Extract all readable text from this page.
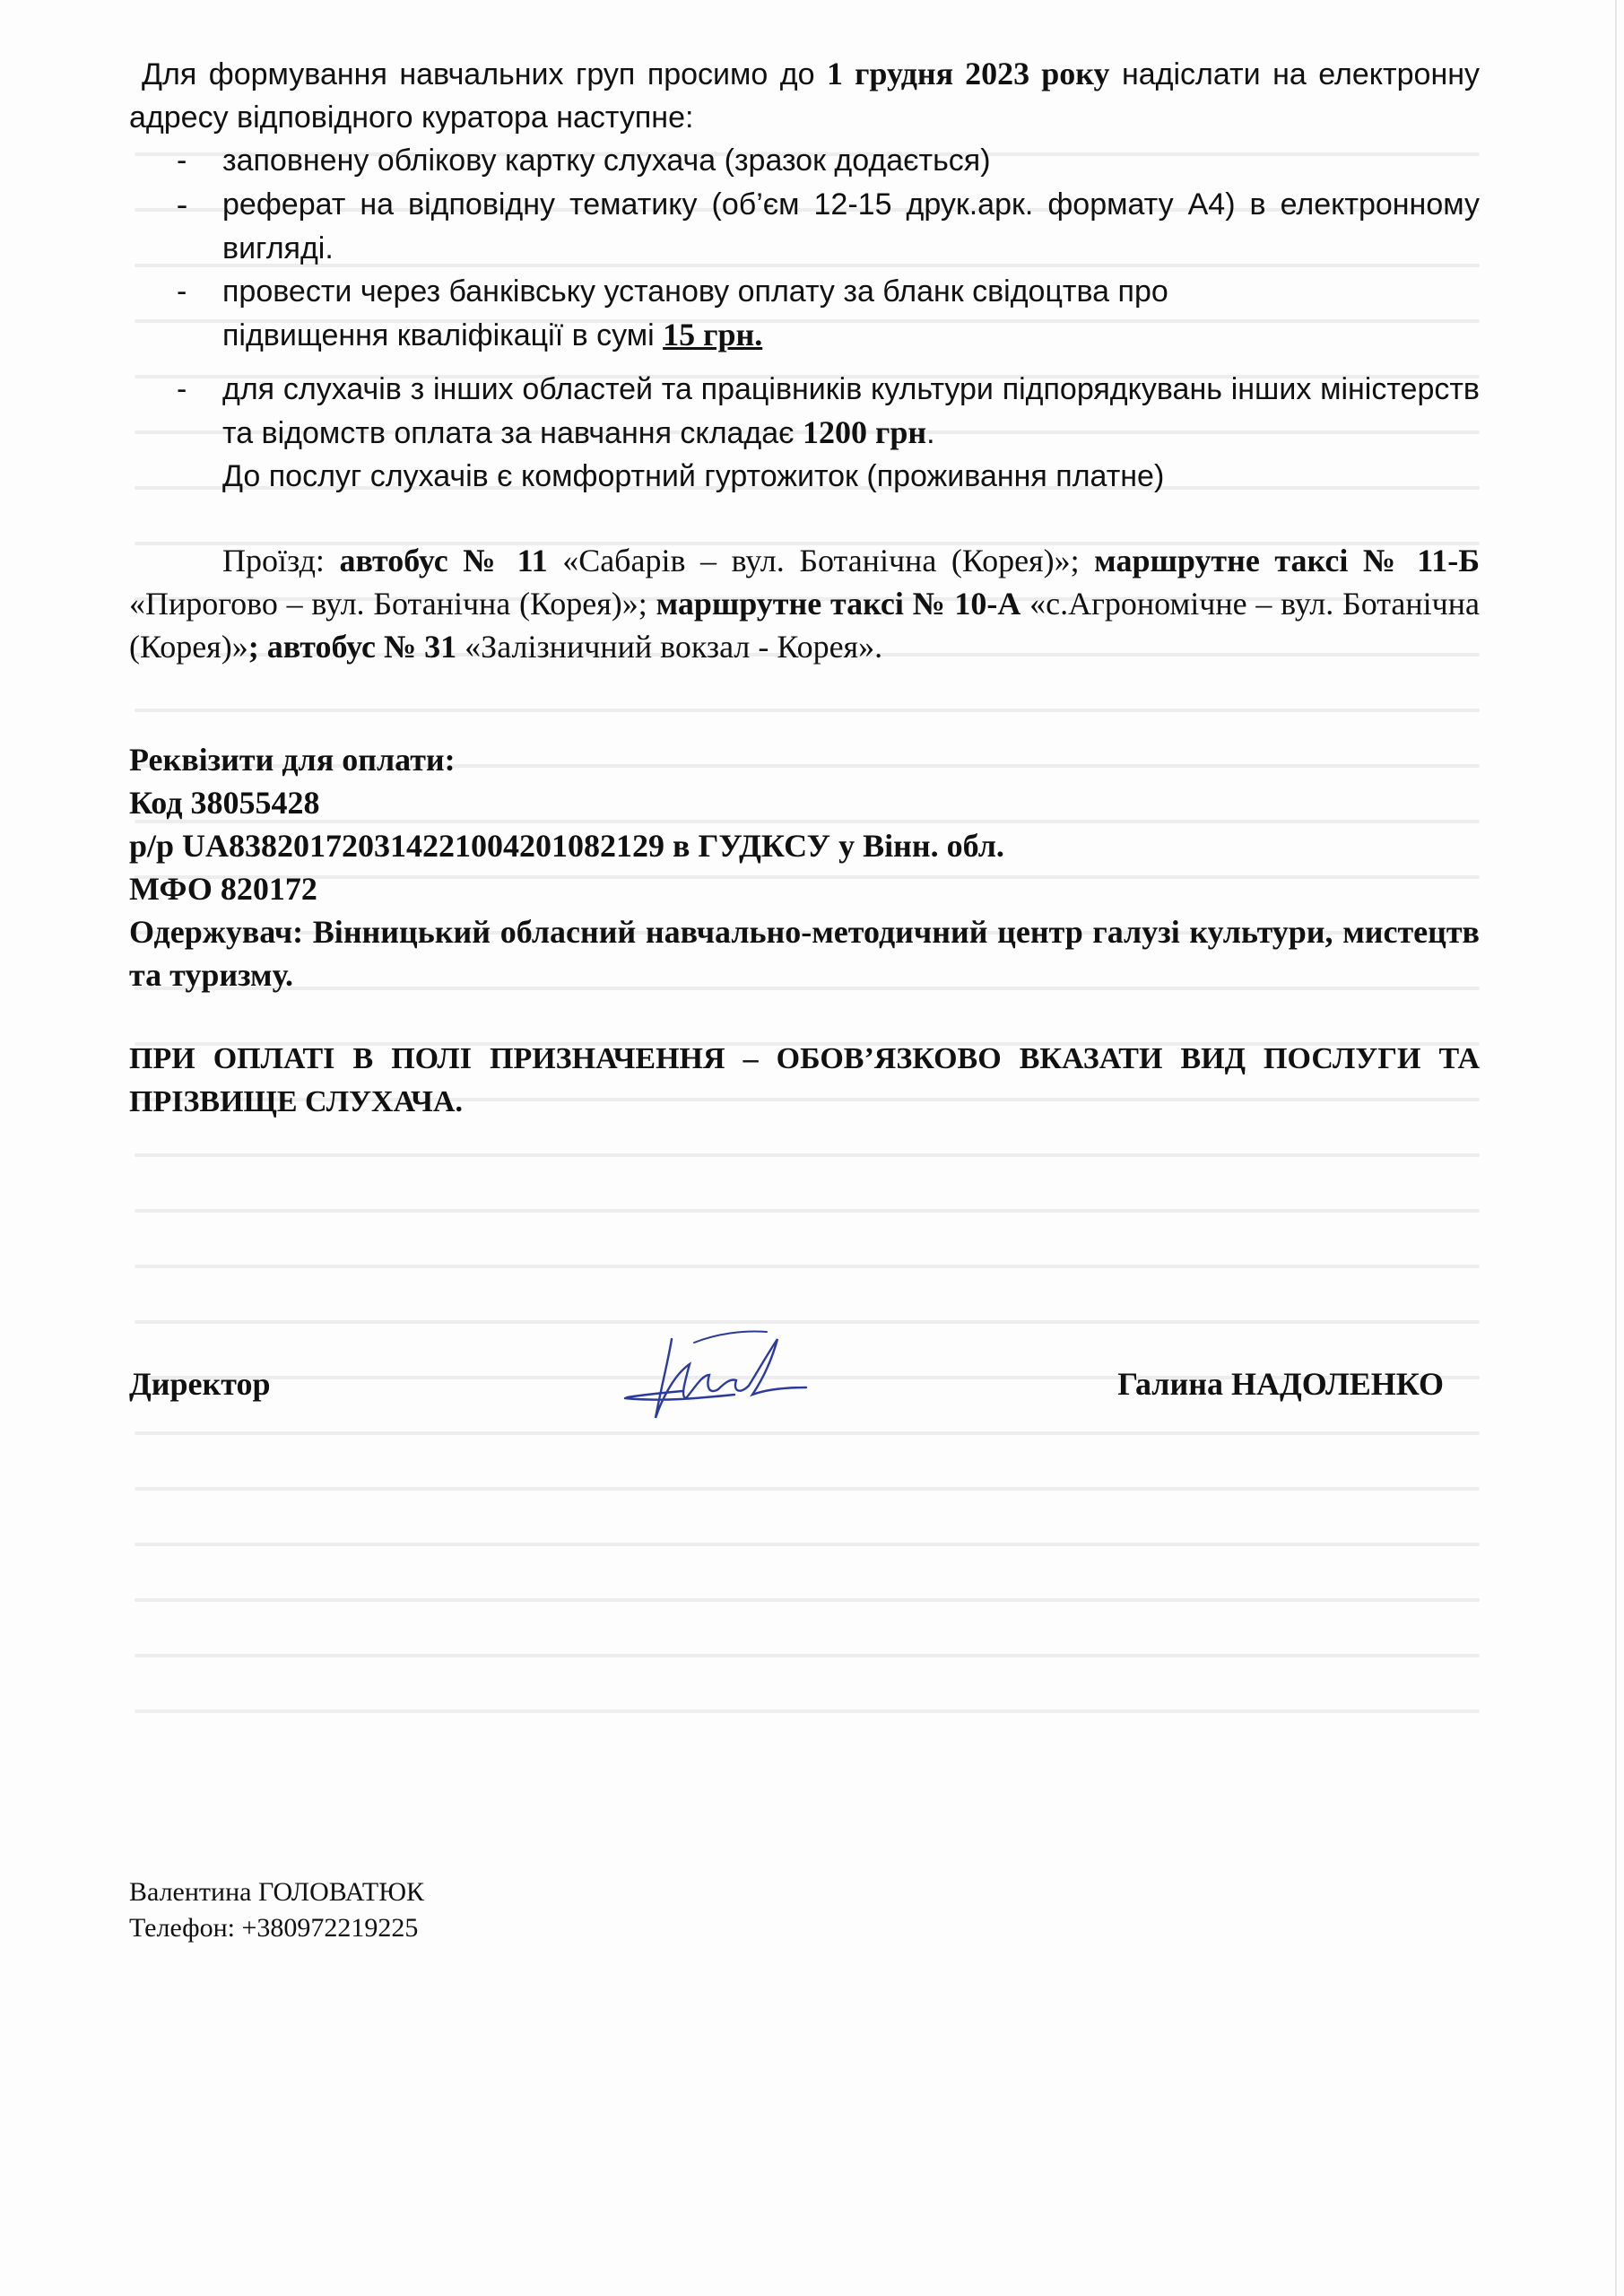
Для формування навчальних груп просимо до 1 грудня 2023 року надіслати на електронну адресу відповідного куратора наступне:

- заповнену облікову картку слухача (зразок додається)

- реферат на відповідну тематику (об’єм 12-15 друк.арк. формату А4) в електронному вигляді.

- провести через банківську установу оплату за бланк свідоцтва про підвищення кваліфікації в сумі 15 грн.

- для слухачів з інших областей та працівників культури підпорядкувань інших міністерств та відомств оплата за навчання складає 1200 грн.

До послуг слухачів є комфортний гуртожиток (проживання платне)

Проїзд: автобус № 11 «Сабарів – вул. Ботанічна (Корея)»; маршрутне таксі № 11-Б «Пирогово – вул. Ботанічна (Корея)»; маршрутне таксі № 10-А «с.Агрономічне – вул. Ботанічна (Корея)»; автобус № 31 «Залізничний вокзал - Корея».

Реквізити для оплати:

Код 38055428

р/р UA838201720314221004201082129 в ГУДКСУ у Вінн. обл.

МФО 820172

Одержувач: Вінницький обласний навчально-методичний центр галузі культури, мистецтв та туризму.

ПРИ ОПЛАТІ В ПОЛІ ПРИЗНАЧЕННЯ – ОБОВ’ЯЗКОВО ВКАЗАТИ ВИД ПОСЛУГИ ТА ПРІЗВИЩЕ СЛУХАЧА.

Директор	Галина НАДОЛЕНКО
Валентина ГОЛОВАТЮК
Телефон: +380972219225
